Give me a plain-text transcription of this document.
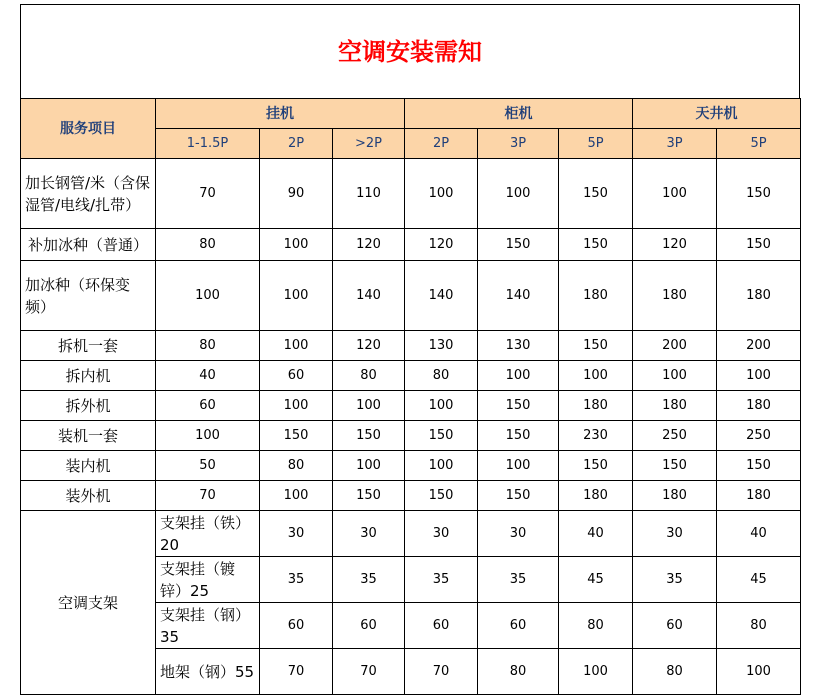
空调安装需知
服务项目	挂机			柜机			天井机	
	1-1.5P	2P	>2P	2P	3P	5P	3P	5P
加长钢管/米（含保湿管/电线/扎带）	70	90	110	100	100	150	100	150
补加冰种（普通）	80	100	120	120	150	150	120	150
加冰种（环保变频）	100	100	140	140	140	180	180	180
拆机一套	80	100	120	130	130	150	200	200
拆内机	40	60	80	80	100	100	100	100
拆外机	60	100	100	100	150	180	180	180
装机一套	100	150	150	150	150	230	250	250
装内机	50	80	100	100	100	150	150	150
装外机	70	100	150	150	150	180	180	180
空调支架	支架挂（铁）20	30	30	30	30	40	30	40
	支架挂（镀锌）25	35	35	35	35	45	35	45
	支架挂（钢）35	60	60	60	60	80	60	80
	地架（钢）55	70	70	70	80	100	80	100
